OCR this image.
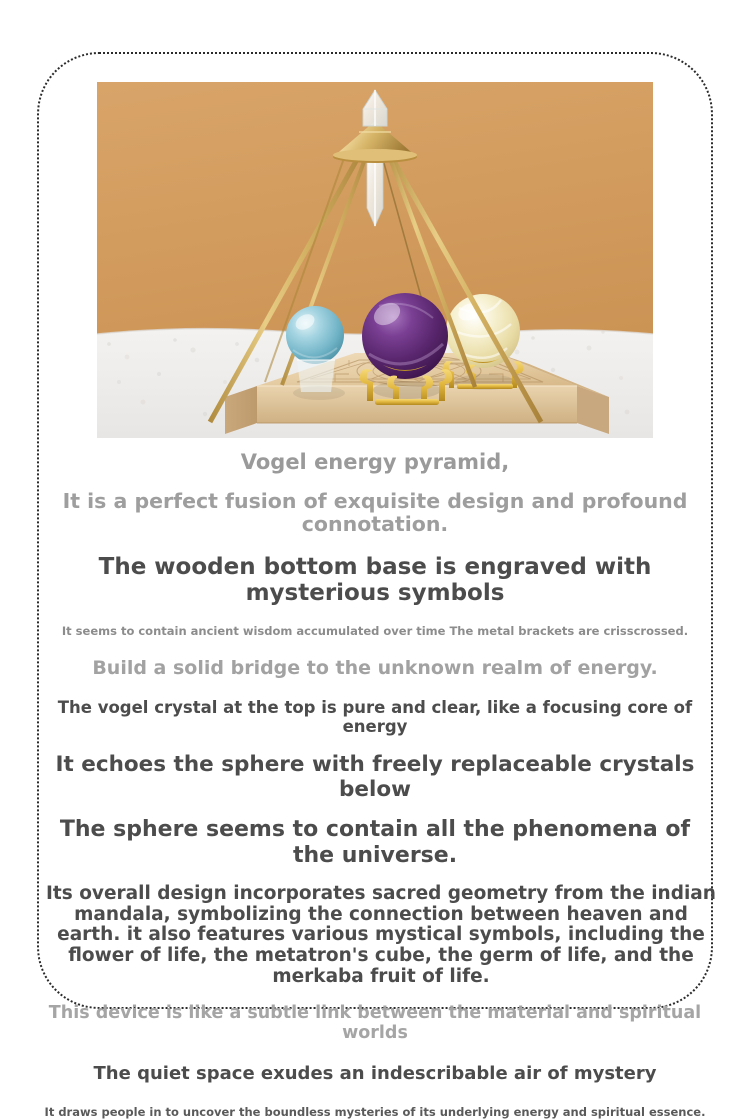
Vogel energy pyramid,
It is a perfect fusion of exquisite design and profound connotation.
The wooden bottom base is engraved with mysterious symbols
It seems to contain ancient wisdom accumulated over time The metal brackets are crisscrossed.
Build a solid bridge to the unknown realm of energy.
The vogel crystal at the top is pure and clear, like a focusing core of energy
It echoes the sphere with freely replaceable crystals below
The sphere seems to contain all the phenomena of the universe.
Its overall design incorporates sacred geometry from the indian mandala, symbolizing the connection between heaven and earth. it also features various mystical symbols, including the flower of life, the metatron's cube, the germ of life, and the merkaba fruit of life.
This device is like a subtle link between the material and spiritual worlds
The quiet space exudes an indescribable air of mystery
It draws people in to uncover the boundless mysteries of its underlying energy and spiritual essence.
